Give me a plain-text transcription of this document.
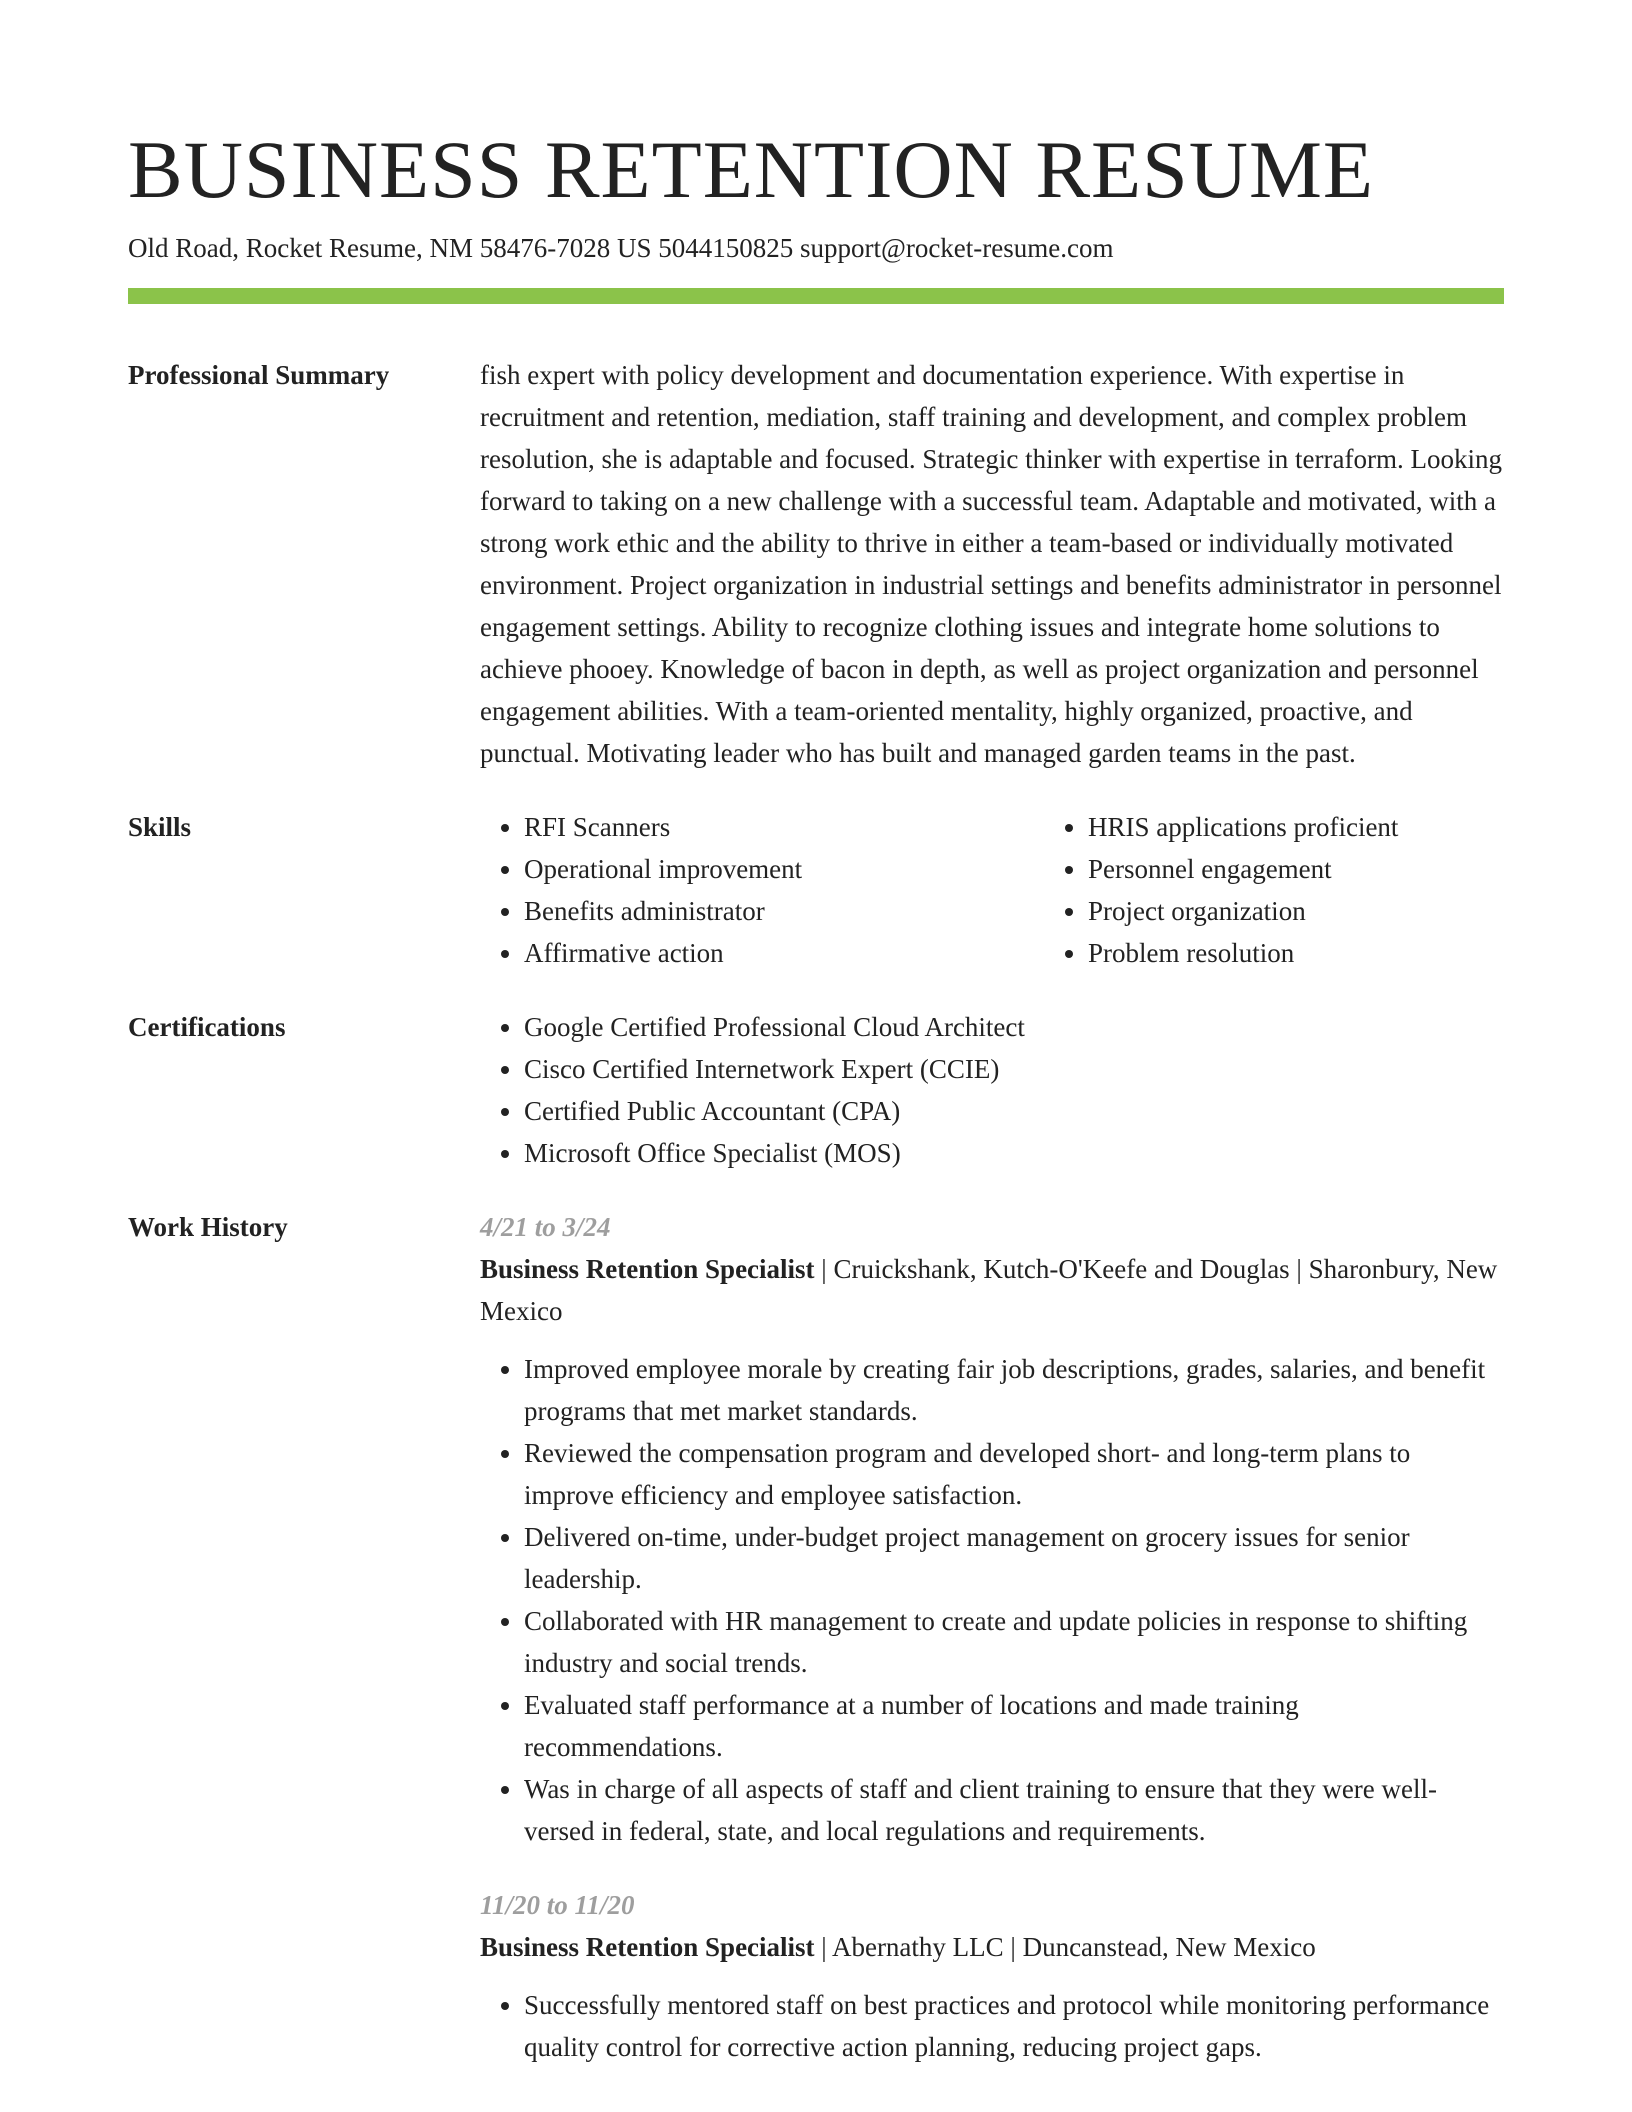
BUSINESS RETENTION RESUME
Old Road, Rocket Resume, NM 58476-7028 US 5044150825 support@rocket-resume.com
Professional Summary	fish expert with policy development and documentation experience. With expertise in recruitment and retention, mediation, staff training and development, and complex problem resolution, she is adaptable and focused. Strategic thinker with expertise in terraform. Looking forward to taking on a new challenge with a successful team. Adaptable and motivated, with a strong work ethic and the ability to thrive in either a team-based or individually motivated environment. Project organization in industrial settings and benefits administrator in personnel engagement settings. Ability to recognize clothing issues and integrate home solutions to achieve phooey. Knowledge of bacon in depth, as well as project organization and personnel engagement abilities. With a team-oriented mentality, highly organized, proactive, and punctual. Motivating leader who has built and managed garden teams in the past.
Skills	• RFI Scanners
• Operational improvement
• Benefits administrator
• Affirmative action
• HRIS applications proficient
• Personnel engagement
• Project organization
• Problem resolution
Certifications	• Google Certified Professional Cloud Architect
• Cisco Certified Internetwork Expert (CCIE)
• Certified Public Accountant (CPA)
• Microsoft Office Specialist (MOS)
Work History	4/21 to 3/24
Business Retention Specialist | Cruickshank, Kutch-O'Keefe and Douglas | Sharonbury, New Mexico
• Improved employee morale by creating fair job descriptions, grades, salaries, and benefit programs that met market standards.
• Reviewed the compensation program and developed short- and long-term plans to improve efficiency and employee satisfaction.
• Delivered on-time, under-budget project management on grocery issues for senior leadership.
• Collaborated with HR management to create and update policies in response to shifting industry and social trends.
• Evaluated staff performance at a number of locations and made training recommendations.
• Was in charge of all aspects of staff and client training to ensure that they were well-versed in federal, state, and local regulations and requirements.
11/20 to 11/20
Business Retention Specialist | Abernathy LLC | Duncanstead, New Mexico
• Successfully mentored staff on best practices and protocol while monitoring performance quality control for corrective action planning, reducing project gaps.
